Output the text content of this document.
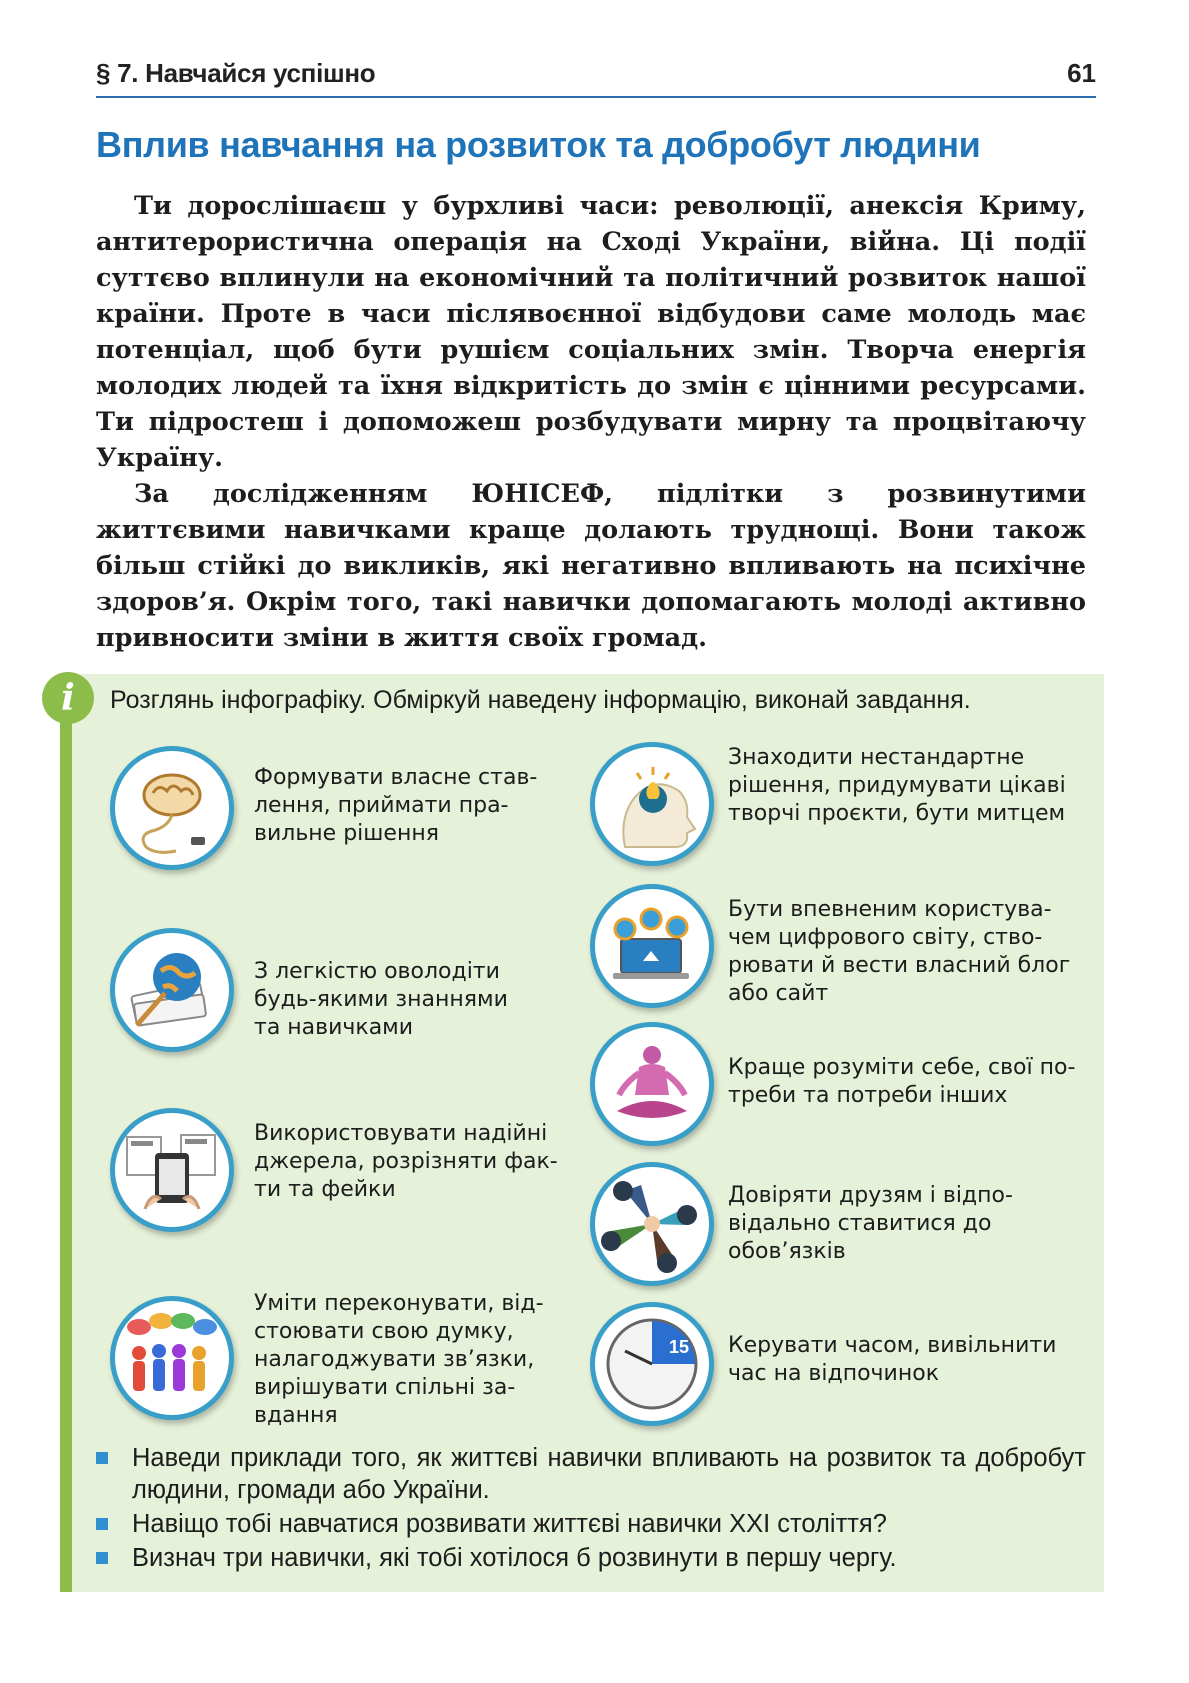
§ 7. Навчайся успішно	61
Вплив навчання на розвиток та добробут людини

Ти дорослішаєш у бурхливі часи: революції, анексія Криму, антитерористична операція на Сході України, війна. Ці події суттєво вплинули на економічний та політичний розвиток нашої країни. Проте в часи післявоєнної відбудови саме молодь має потенціал, щоб бути рушієм соціальних змін. Творча енергія молодих людей та їхня відкритість до змін є цінними ресурсами. Ти підростеш і допоможеш розбудувати мирну та процвітаючу Україну.

За дослідженням ЮНІСЕФ, підлітки з розвинутими життєвими навичками краще долають труднощі. Вони також більш стійкі до викликів, які негативно впливають на психічне здоров’я. Окрім того, такі навички допомагають молоді активно привносити зміни в життя своїх громад.

i	Розглянь інфографіку. Обміркуй наведену інформацію, виконай завдання.
Формувати власне став-
лення, приймати пра-
вильне рішення
З легкістю оволодіти
будь-якими знаннями
та навичками
Використовувати надійні
джерела, розрізняти фак-
ти та фейки
Уміти переконувати, від-
стоювати свою думку,
налагоджувати зв’язки,
вирішувати спільні за-
вдання
Знаходити нестандартне
рішення, придумувати цікаві
творчі проєкти, бути митцем
Бути впевненим користува-
чем цифрового світу, ство-
рювати й вести власний блог
або сайт
Краще розуміти себе, свої по-
треби та потреби інших
Довіряти друзям і відпо-
відально ставитися до
обов’язків
15 Керувати часом, вивільнити
час на відпочинок
Наведи приклади того, як життєві навички впливають на розвиток та добробут людини, громади або України.
Навіщо тобі навчатися розвивати життєві навички XXI століття?
Визнач три навички, які тобі хотілося б розвинути в першу чергу.
